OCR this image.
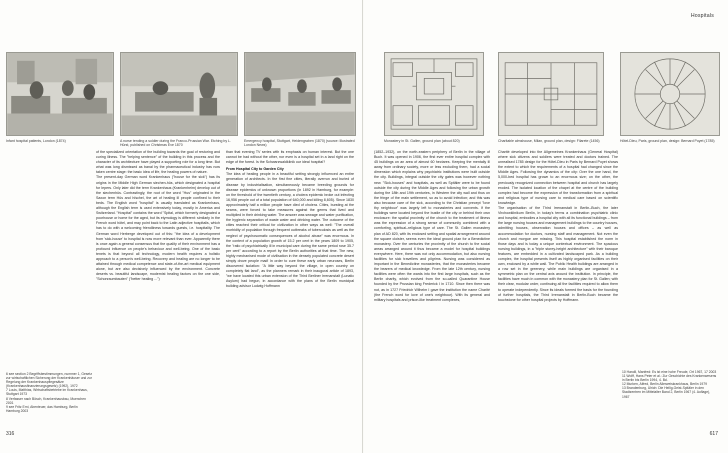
Infant hospital patients, London (1874)	A nurse tending a soldier during the Franco-Prussian War. Etching by L. Hürst, published on Christmas Eve 1870
Emergency hospital, Stuttgart, Heidengraben (1870) (source: Illustrated London News)

6 see section 2 Begriffsbestimmungen, nummer 1, Gesetz zur wirtschaftlichen Sicherung der Krankenhäuser und zur Regelung der Krankenhauspflegesätze (Krankenhausfinanzierungsgesetz) (1992), 1972

7 Louis, Matthias, Wirtschaftsbetriebe im Krankenhaus, Stuttgart 1973

8 Verfasser nach Bösch, Krankenhausbau, Muenchen 2001

9 see Fritz Erni, Abenteuer, das Hamburg, Berlin Hamburg 2003

of the specialized orientation of the building towards the goal of restoring and curing illness. The "helping sentence" of the building in this process and the character of its architecture have played a supporting role for a long time. But what was long dismissed as banal by the pharmaceutical industry has now taken centre stage: the basic idea of life, the healing powers of nature.

The present-day German word Krankenhaus ("house for the sick") has its origins in the Middle High German siechen-hûs, which designated a hospital for lepers. Only later did the term Krankenhaus (Krankenheim) develop out of the siechenhûs. Contrastingly, the root of the word "Hus" originated in the Saxon term Hûs and hîschel, the art of healing ill people confined to their beds. The English word "hospital" is usually translated as Krankenhaus, although the English term is used extensively today, mostly in America and Switzerland. "Hospital" contains the word "Spital, which formerly designated a poorhouse or home for the aged, but its etymology is different: similarly in the French word hôtel, and may point back to the Latin adjective hospitalis, which has to do with a welcoming friendliness towards guests, i.e. hospitality. The German word Herberge developed out of this: "the idea of a development from 'sick-house' to hospital is now more relevant than ever. Apparently there is once again a general consensus that the quality of their environment has a profound influence on people's behaviour and well-being. One of the basic tenets is that beyond all technology, modern health requires a holistic approach to a person's well-being. Recovery and healing are no longer to be attained through medical competence and state-of-the-art medical equipment alone, but are also decisively influenced by the environment. Concrete deserts vs. beautiful landscape, modernist healing factors on the one side, "Schonraumbauten" ("better healing ...")

than that evening TV series with its emphasis on human interest. But the one cannot be had without the other, nor even is a hospital set in a land right on the edge of the forest. Is the Schwarzwaldklinik our ideal hospital?

From Hospital City to Garden City

The idea of healing people in a beautiful setting strongly influenced an entire generation of architects. In the first fine cities, literally overrun and buried of disease by industrialisation, simultaneously became breeding grounds for disease epidemics of unknown proportions (in 1892 in Hamburg, for example: on the threshold of the twentieth century, a cholera epidemic broke out infecting 16,956 people out of a total population of 640,000 and killing 8,605). Since 1830 approximately half a million people have died of cholera. Cities, bursting at the seams, were forced to take measures against the germs that lived and multiplied in their drinking water. The answer was sewage and water purification, the hygienic separation of waste water and drinking water. The outcome of the cities reached their critical for civilization in other ways as well: "The overall morbidity of population through frequent outbreaks of tuberculosis as well as the neglect of psychosomatic consequences of alcohol abuse" was enormous. In the context of a population growth of 15.2 per cent in the years 1809 to 1905, the "ratio of psychiatrically ill in municipal care during the same period rose 35.7 per cent" according to a report by the Berlin authorities at that time. The new, highly mechanised mode of civilisation in the densely populated concrete desert simply drove people mad! In order to cure these early urban neuroses, Berlin discovered isolation: "A little way beyond the village, in open country on completely flat land", as the planners remark in their inaugural article of 1893, "we have located this urban extension of the Third Berliner Irrenanstalt (Lunatic Asylum) had begun, in accordance with the plans of the Berlin municipal building advisor Ludwig Hoffmann

316
Hospitals
Monastery in St. Gallen, ground plan (about 820)	Charitable almshouse, Milan, ground plan, design: Filarete (1456)	Hôtel-Dieu, Paris, ground plan, design: Bernard Poyet (1785)

(1852–1932), on the north-eastern periphery of Berlin in the village of Buch. It was opened in 1906, the first ever entire hospital complex with 45 buildings on an area of almost 60 hectares. Keeping the mentally ill away from ordinary society, more or less excluding them, had a social dimension which explains why psychiatric institutions were built outside the city. Buildings, integral outside the city gates was however nothing new. "Sick-houses" and hospitals, as well as Spitäler were to be found outside the city during the Middle Ages and following the urban growth during the 18th and 19th centuries, in Western the city wall and thus on the fringe of the main settlement, so as to avoid infection; and this was also because care of the sick, according to the Christian precept "love thy neighbour" was largely left to monasteries and convents. If the buildings were located beyond the bustle of the city or behind their own enclosure: the spatial proximity of the church to the treatment of illness was the expression of a strong sense of community combined with a comforting, spiritual–religious type of care. The St. Gallen monastery plan of AD 820, with its enclosed setting and spatial arrangement around the square cloister, seems even the ideal ground plan for a Benedictine monastery. Over the centuries the proximity of the church to the social areas arranged around it thus became a model for hospital buildings everywhere. Here, there was not only accommodation, but also nursing facilities for sick travellers and pilgrims. Nursing was considered as important in the Benedictine monasteries, that the monasteries became the bearers of medical knowledge. From the late 12th century, nursing facilities were often the wards into the first large hospitals, such as the Berlin charity, which evolved from the so-called Quarantine House founded by the Prussian king Frederick I in 1710. Since then there was not, as in 1727 Friedrich Wilhelm I gave the institution the name Charité (the French word for love of one's neighbour). With its general and military hospitals and prison-like treatment complexes,

Charité developed into the Allgemeines Krankenhaus (General Hospital) where sick citizens and soldiers were treated and doctors trained. The unrealised 1785 design for the Hôtel-Dieu in Paris by Bernard Poyet shows the extent to which the requirements of a hospital had changed since the Middle Ages. Following the dynamics of the city: Over the one hand, the 5,000-bed hospital has grown to an enormous size; on the other, the previously recognized connection between hospital and church has largely eroded. The isolated location of the chapel at the centre of the building complex had become the expression of the transformation from a spiritual and religious type of nursing care to medical care based on scientific knowledge.

The organisation of the Third Irrenanstalt in Berlin–Buch, the later Virchowklinikum Berlin, in today's terms a combination psychiatric clinic and hospital, embodies a hospital city with all its functional buildings – from the large nursing houses and management buildings to the country houses, admitting houses, observation houses and offices – as well as accommodation for doctors, nursing staff and management. Not even the church and morgue are missing. This hospital established the norm in those days and is today a unique contextual environment. The spacious nursing buildings, in a "triple storey-height architecture" with their baroque features, are embedded in a cultivated landscaped park. As a building complex, the hospital presents itself as highly organised facilities on their own, enclosed by a white wall. The Public Health buildings are arranged in a row set in the greenery, while main buildings are organised in a symmetric plan on the central axis around the institution. In principle, the facilities have much in common with the monastery plan for St. Gallen; with their clear, modular order, continuing all the facilities required to allow them to operate independently. Since its ideals formed the basis for the founding of further hospitals, the Third Irrenanstalt in Berlin-Buch became the touchstone for other hospital projects by Hoffmann.

10 Handil, Manfred: Es ist eine hohe Freude, Ort 1967, 17 2003

11 Wolff, Hans Peter et al.: Zur Geschichte des Krankenwesens in Berlin bis Berlin 1994, 4. Bd.

12 Murken, Alfred, Berlin Allerweiskrankhaus, Berlin 1979

13 Brandenburg, Ulrich: Die Heilig-Geist-Spitäler in den Stadtzentren im Mittelalter Band 2, Berlin 1967 (4. Auflage), 1967

617
